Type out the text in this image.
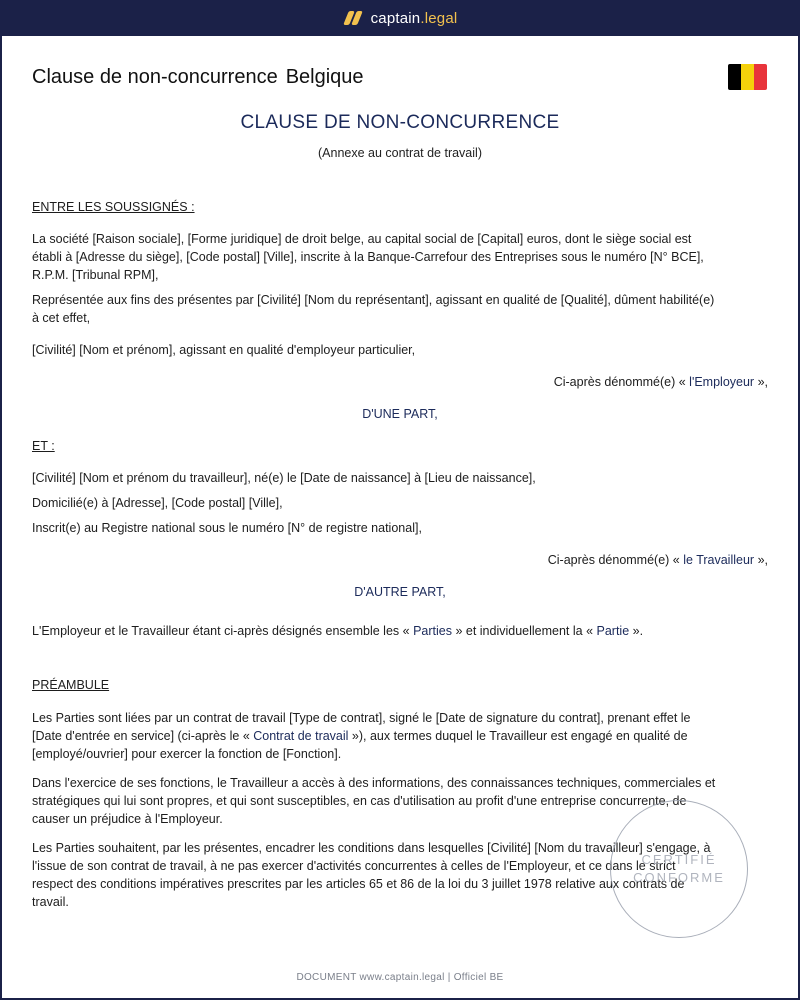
captain.legal
Clause de non-concurrence Belgique
CLAUSE DE NON-CONCURRENCE
(Annexe au contrat de travail)

ENTRE LES SOUSSIGNÉS :

La société [Raison sociale], [Forme juridique] de droit belge, au capital social de [Capital] euros, dont le siège social est établi à [Adresse du siège], [Code postal] [Ville], inscrite à la Banque-Carrefour des Entreprises sous le numéro [N° BCE], R.P.M. [Tribunal RPM],

Représentée aux fins des présentes par [Civilité] [Nom du représentant], agissant en qualité de [Qualité], dûment habilité(e) à cet effet,

[Civilité] [Nom et prénom], agissant en qualité d'employeur particulier,

Ci-après dénommé(e) « l'Employeur »,

D'UNE PART,

ET :

[Civilité] [Nom et prénom du travailleur], né(e) le [Date de naissance] à [Lieu de naissance],

Domicilié(e) à [Adresse], [Code postal] [Ville],

Inscrit(e) au Registre national sous le numéro [N° de registre national],

Ci-après dénommé(e) « le Travailleur »,

D'AUTRE PART,

L'Employeur et le Travailleur étant ci-après désignés ensemble les « Parties » et individuellement la « Partie ».

PRÉAMBULE

Les Parties sont liées par un contrat de travail [Type de contrat], signé le [Date de signature du contrat], prenant effet le [Date d'entrée en service] (ci-après le « Contrat de travail »), aux termes duquel le Travailleur est engagé en qualité de [employé/ouvrier] pour exercer la fonction de [Fonction].

Dans l'exercice de ses fonctions, le Travailleur a accès à des informations, des connaissances techniques, commerciales et stratégiques qui lui sont propres, et qui sont susceptibles, en cas d'utilisation au profit d'une entreprise concurrente, de causer un préjudice à l'Employeur.

Les Parties souhaitent, par les présentes, encadrer les conditions dans lesquelles [Civilité] [Nom du travailleur] s'engage, à l'issue de son contrat de travail, à ne pas exercer d'activités concurrentes à celles de l'Employeur, et ce dans le strict respect des conditions impératives prescrites par les articles 65 et 86 de la loi du 3 juillet 1978 relative aux contrats de travail.

CERTIFIÉ
CONFORME
DOCUMENT www.captain.legal | Officiel BE
